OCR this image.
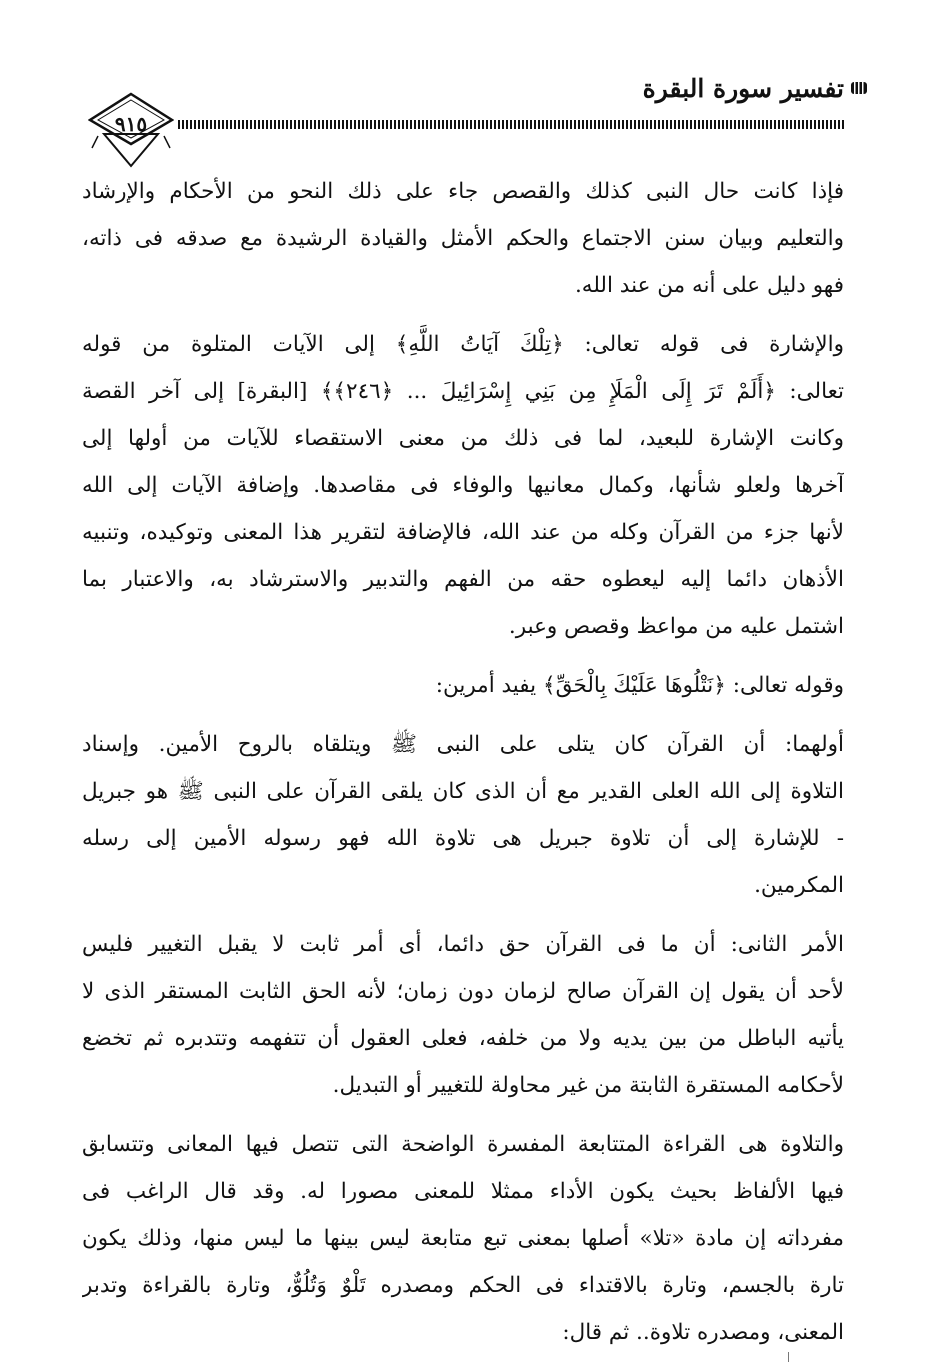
تفسير سورة البقرة
٩١٥
فإذا كانت حال النبى كذلك والقصص جاء على ذلك النحو من الأحكام والإرشاد
والتعليم وبيان سنن الاجتماع والحكم الأمثل والقيادة الرشيدة مع صدقه فى ذاته،
فهو دليل على أنه من عند الله.
والإشارة فى قوله تعالى: ﴿تِلْكَ آيَاتُ اللَّهِ﴾ إلى الآيات المتلوة من قوله
تعالى: ﴿أَلَمْ تَرَ إِلَى الْمَلَإِ مِن بَنِي إِسْرَائِيلَ ... ﴿٢٤٦﴾﴾ [البقرة] إلى آخر القصة
وكانت الإشارة للبعيد، لما فى ذلك من معنى الاستقصاء للآيات من أولها إلى
آخرها ولعلو شأنها، وكمال معانيها والوفاء فى مقاصدها. وإضافة الآيات إلى الله
لأنها جزء من القرآن وكله من عند الله، فالإضافة لتقرير هذا المعنى وتوكيده، وتنبيه
الأذهان دائما إليه ليعطوه حقه من الفهم والتدبير والاسترشاد به، والاعتبار بما
اشتمل عليه من مواعظ وقصص وعبر.
وقوله تعالى: ﴿نَتْلُوهَا عَلَيْكَ بِالْحَقِّ﴾ يفيد أمرين:
أولهما: أن القرآن كان يتلى على النبى ﷺ ويتلقاه بالروح الأمين. وإسناد
التلاوة إلى الله العلى القدير مع أن الذى كان يلقى القرآن على النبى ﷺ هو جبريل
- للإشارة إلى أن تلاوة جبريل هى تلاوة الله فهو رسوله الأمين إلى رسله
المكرمين.
الأمر الثانى: أن ما فى القرآن حق دائما، أى أمر ثابت لا يقبل التغيير فليس
لأحد أن يقول إن القرآن صالح لزمان دون زمان؛ لأنه الحق الثابت المستقر الذى لا
يأتيه الباطل من بين يديه ولا من خلفه، فعلى العقول أن تتفهمه وتتدبره ثم تخضع
لأحكامه المستقرة الثابتة من غير محاولة للتغيير أو التبديل.
والتلاوة هى القراءة المتتابعة المفسرة الواضحة التى تتصل فيها المعانى وتتسابق
فيها الألفاظ بحيث يكون الأداء ممثلا للمعنى مصورا له. وقد قال الراغب فى
مفرداته إن مادة «تلا» أصلها بمعنى تبع متابعة ليس بينها ما ليس منها، وذلك يكون
تارة بالجسم، وتارة بالاقتداء فى الحكم ومصدره تَلْوٌ وَتُلُوٌّ، وتارة بالقراءة وتدبر
المعنى، ومصدره تلاوة.. ثم قال:
